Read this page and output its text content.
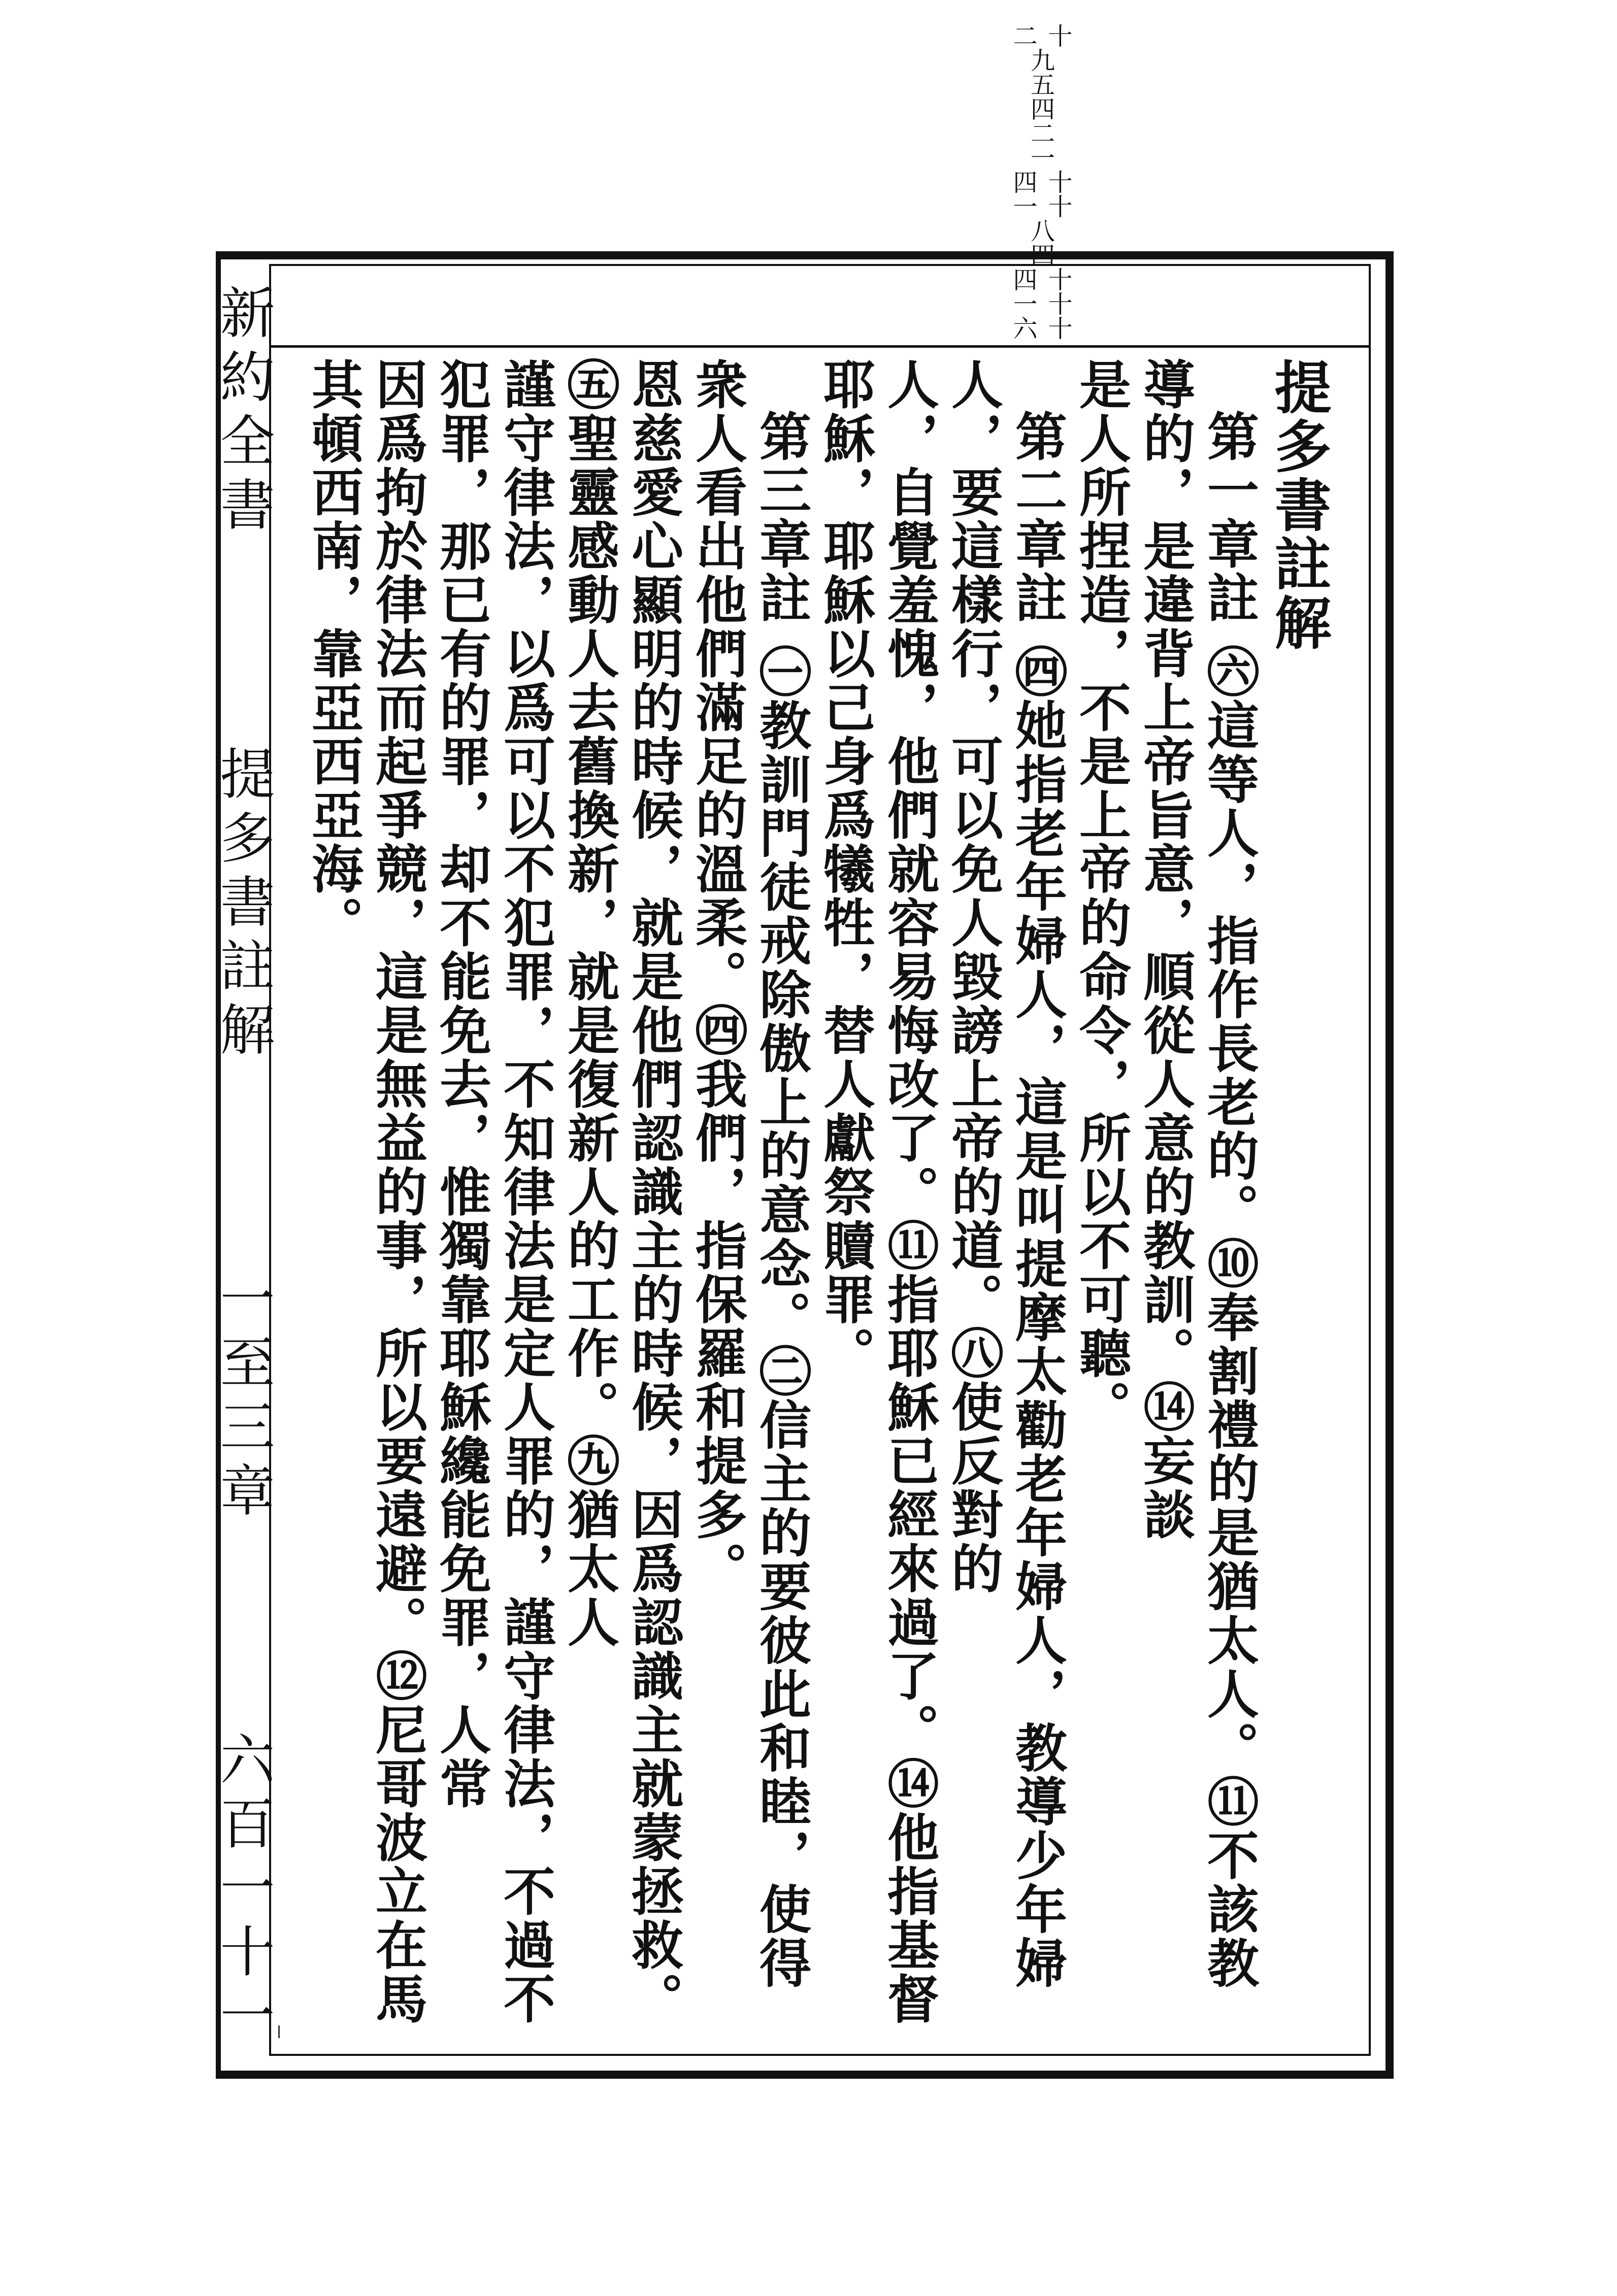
新約全書
提多書註解
一至三章
六百一十一
十六
十一
十四
四
八
十一
十四
一
二
四
五
九
十二

提多書註解

第一章註 ㊅這等人，指作長老的。⑩奉割禮的是猶太人。⑪不該教導的，是違背上帝旨意，順從人意的教訓。⑭妄談

是人所捏造，不是上帝的命令，所以不可聽。

第二章註 ㊃她指老年婦人，這是叫提摩太勸老年婦人，教導少年婦人，要這樣行，可以免人毀謗上帝的道。㊇使反對的

人，自覺羞愧，他們就容易悔改了。⑪指耶穌已經來過了。⑭他指基督耶穌，耶穌以己身爲犧牲，替人獻祭贖罪。

第三章註 ㊀教訓門徒戒除傲上的意念。㊁信主的要彼此和睦，使得衆人看出他們滿足的溫柔。㊃我們，指保羅和提多。

恩慈愛心顯明的時候，就是他們認識主的時候，因爲認識主就蒙拯救。㊄聖靈感動人去舊換新，就是復新人的工作。㊈猶太人

謹守律法，以爲可以不犯罪，不知律法是定人罪的，謹守律法，不過不犯罪，那已有的罪，却不能免去，惟獨靠耶穌纔能免罪，人常

因爲拘於律法而起爭競，這是無益的事，所以要遠避。⑫尼哥波立在馬其頓西南，靠亞西亞海。
